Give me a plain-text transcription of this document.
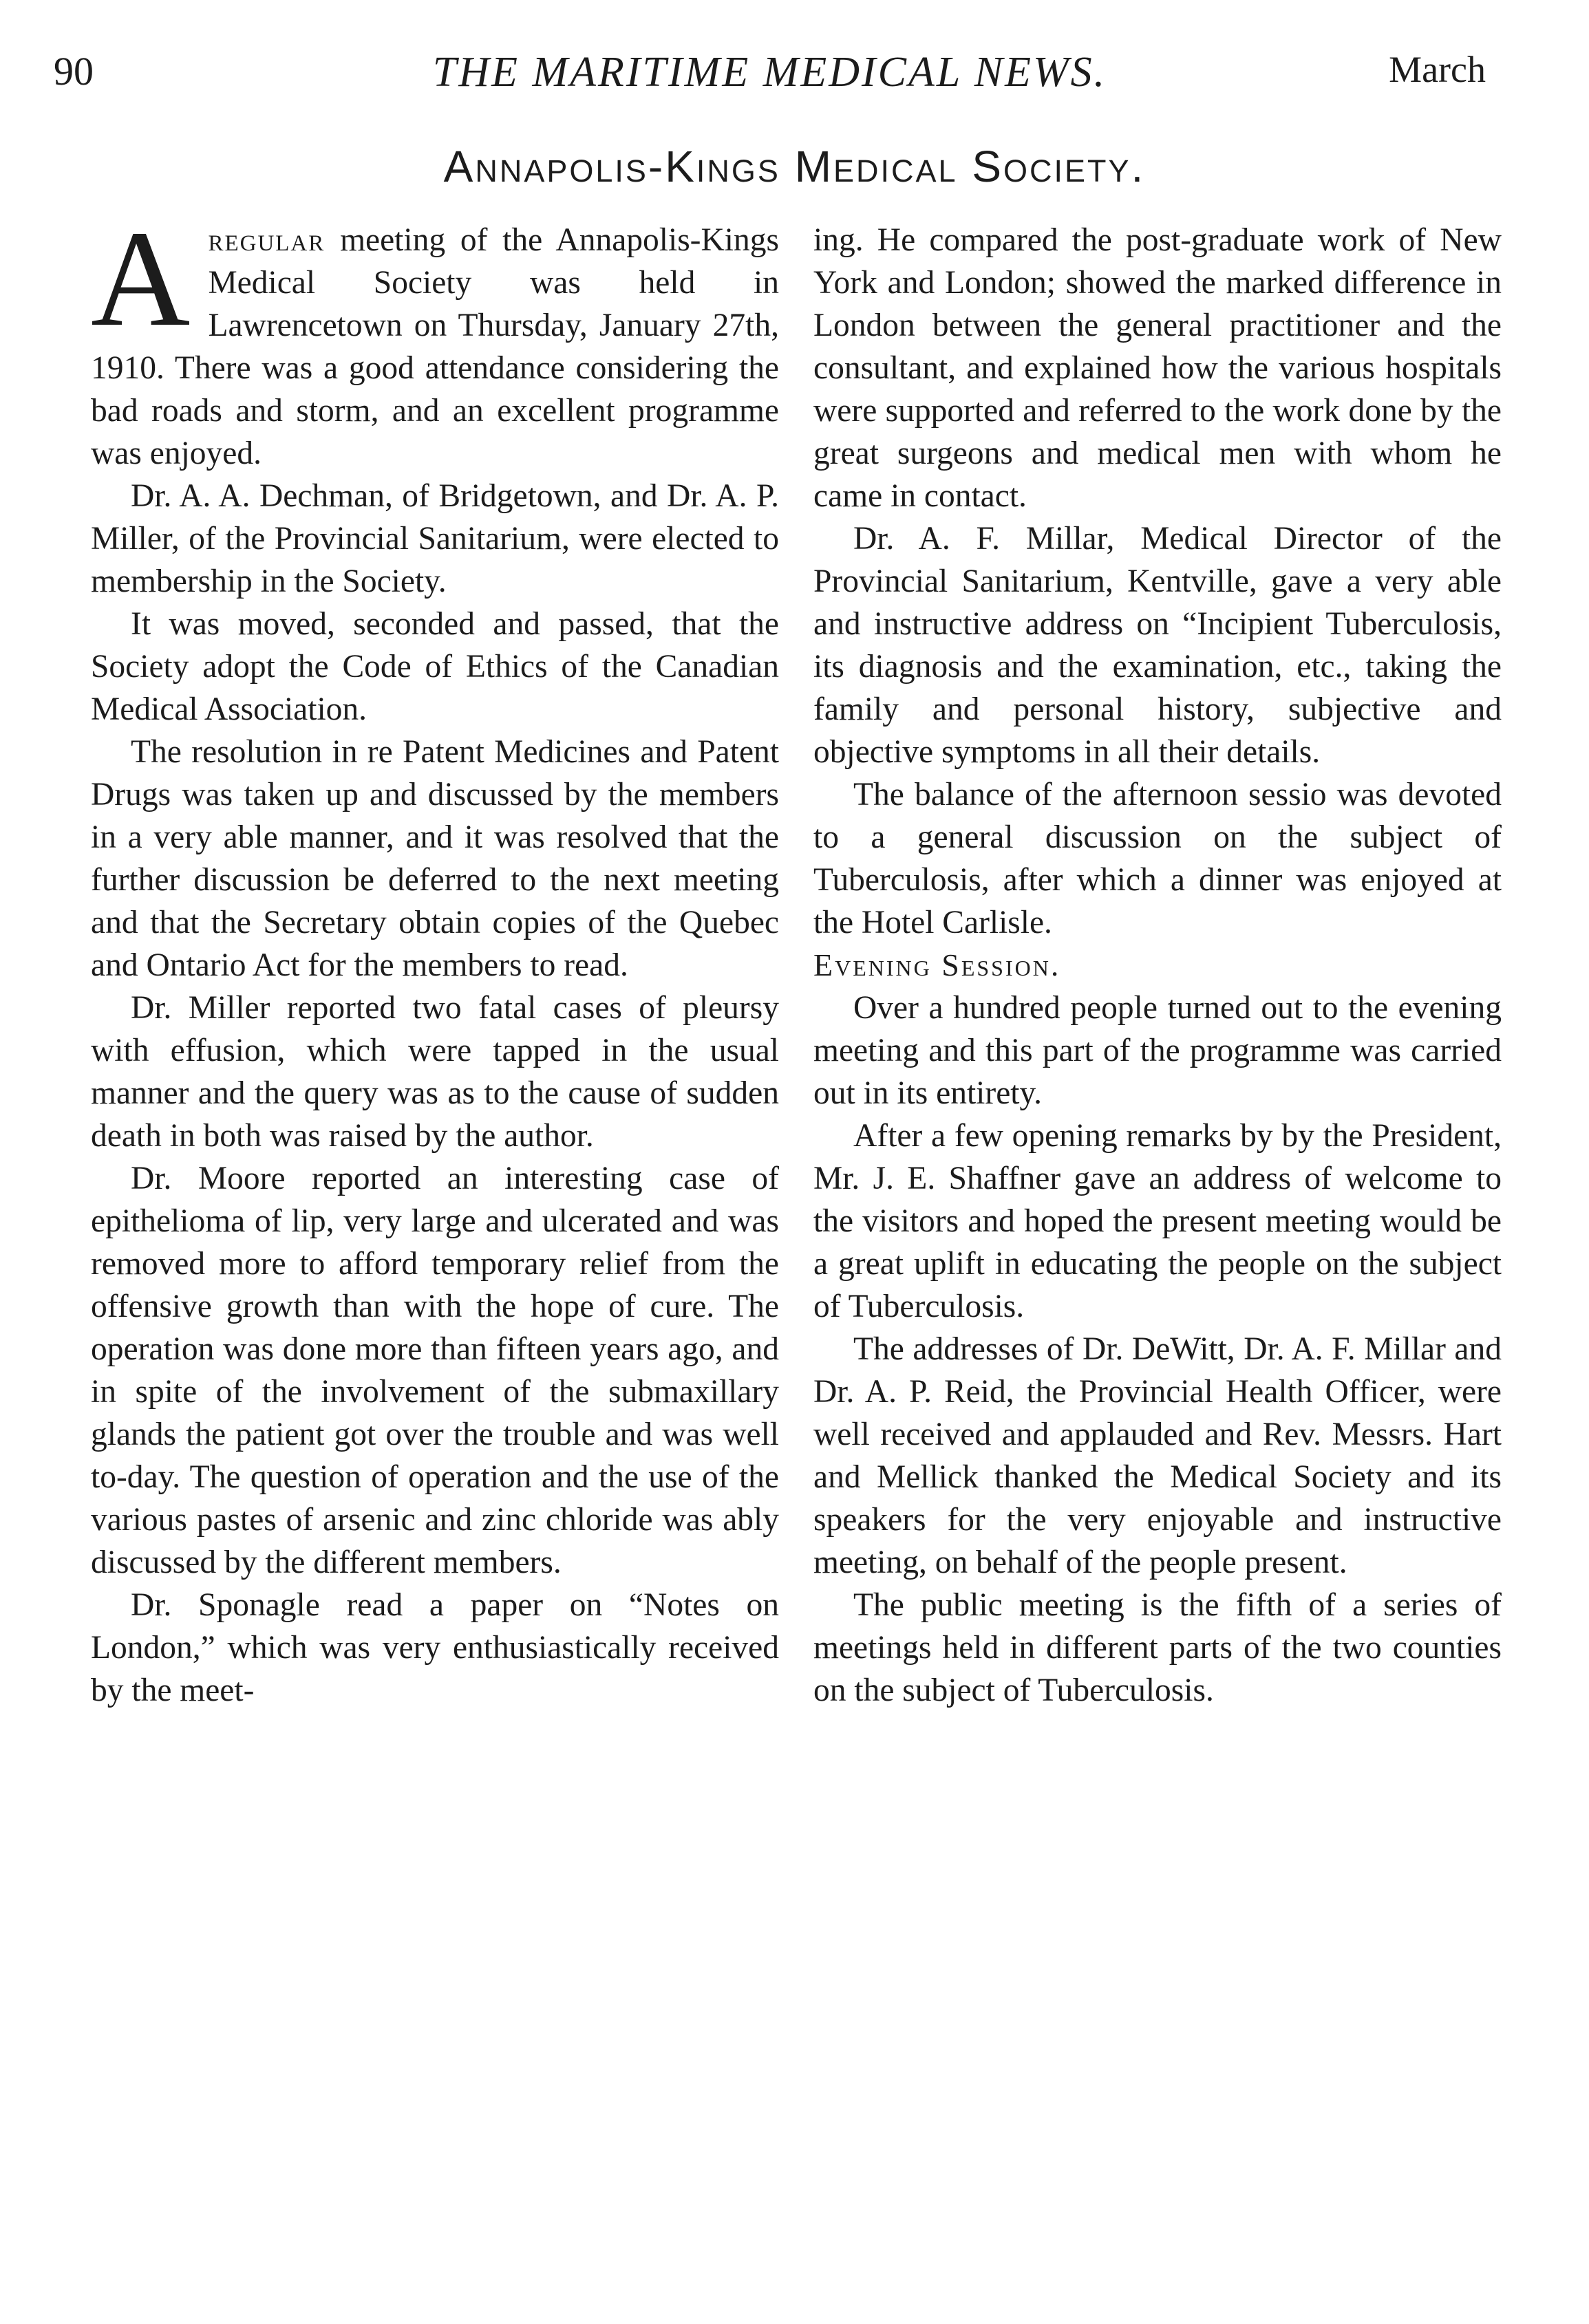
90	THE MARITIME MEDICAL NEWS.	March
Annapolis-Kings Medical Society.

Aregular meeting of the Annapolis-Kings Medical Society was held in Lawrencetown on Thursday, January 27th, 1910. There was a good attendance considering the bad roads and storm, and an excellent programme was enjoyed.

Dr. A. A. Dechman, of Bridgetown, and Dr. A. P. Miller, of the Provincial Sanitarium, were elected to membership in the Society.

It was moved, seconded and passed, that the Society adopt the Code of Ethics of the Canadian Medical Association.

The resolution in re Patent Medicines and Patent Drugs was taken up and discussed by the members in a very able manner, and it was resolved that the further discussion be deferred to the next meeting and that the Secretary obtain copies of the Quebec and Ontario Act for the members to read.

Dr. Miller reported two fatal cases of pleursy with effusion, which were tapped in the usual manner and the query was as to the cause of sudden death in both was raised by the author.

Dr. Moore reported an interesting case of epithelioma of lip, very large and ulcerated and was removed more to afford temporary relief from the offensive growth than with the hope of cure. The operation was done more than fifteen years ago, and in spite of the involvement of the submaxillary glands the patient got over the trouble and was well to-day. The question of operation and the use of the various pastes of arsenic and zinc chloride was ably discussed by the different members.

Dr. Sponagle read a paper on “Notes on London,” which was very enthusiastically received by the meet-

ing. He compared the post-graduate work of New York and London; showed the marked difference in London between the general practitioner and the consultant, and explained how the various hospitals were supported and referred to the work done by the great surgeons and medical men with whom he came in contact.

Dr. A. F. Millar, Medical Director of the Provincial Sanitarium, Kentville, gave a very able and instructive address on “Incipient Tuberculosis, its diagnosis and the examination, etc., taking the family and personal history, subjective and objective symptoms in all their details.

The balance of the afternoon sessio was devoted to a general discussion on the subject of Tuberculosis, after which a dinner was enjoyed at the Hotel Carlisle.

Evening Session.

Over a hundred people turned out to the evening meeting and this part of the programme was carried out in its entirety.

After a few opening remarks by by the President, Mr. J. E. Shaffner gave an address of welcome to the visitors and hoped the present meeting would be a great uplift in educating the people on the subject of Tuberculosis.

The addresses of Dr. DeWitt, Dr. A. F. Millar and Dr. A. P. Reid, the Provincial Health Officer, were well received and applauded and Rev. Messrs. Hart and Mellick thanked the Medical Society and its speakers for the very enjoyable and instructive meeting, on behalf of the people present.

The public meeting is the fifth of a series of meetings held in different parts of the two counties on the subject of Tuberculosis.
